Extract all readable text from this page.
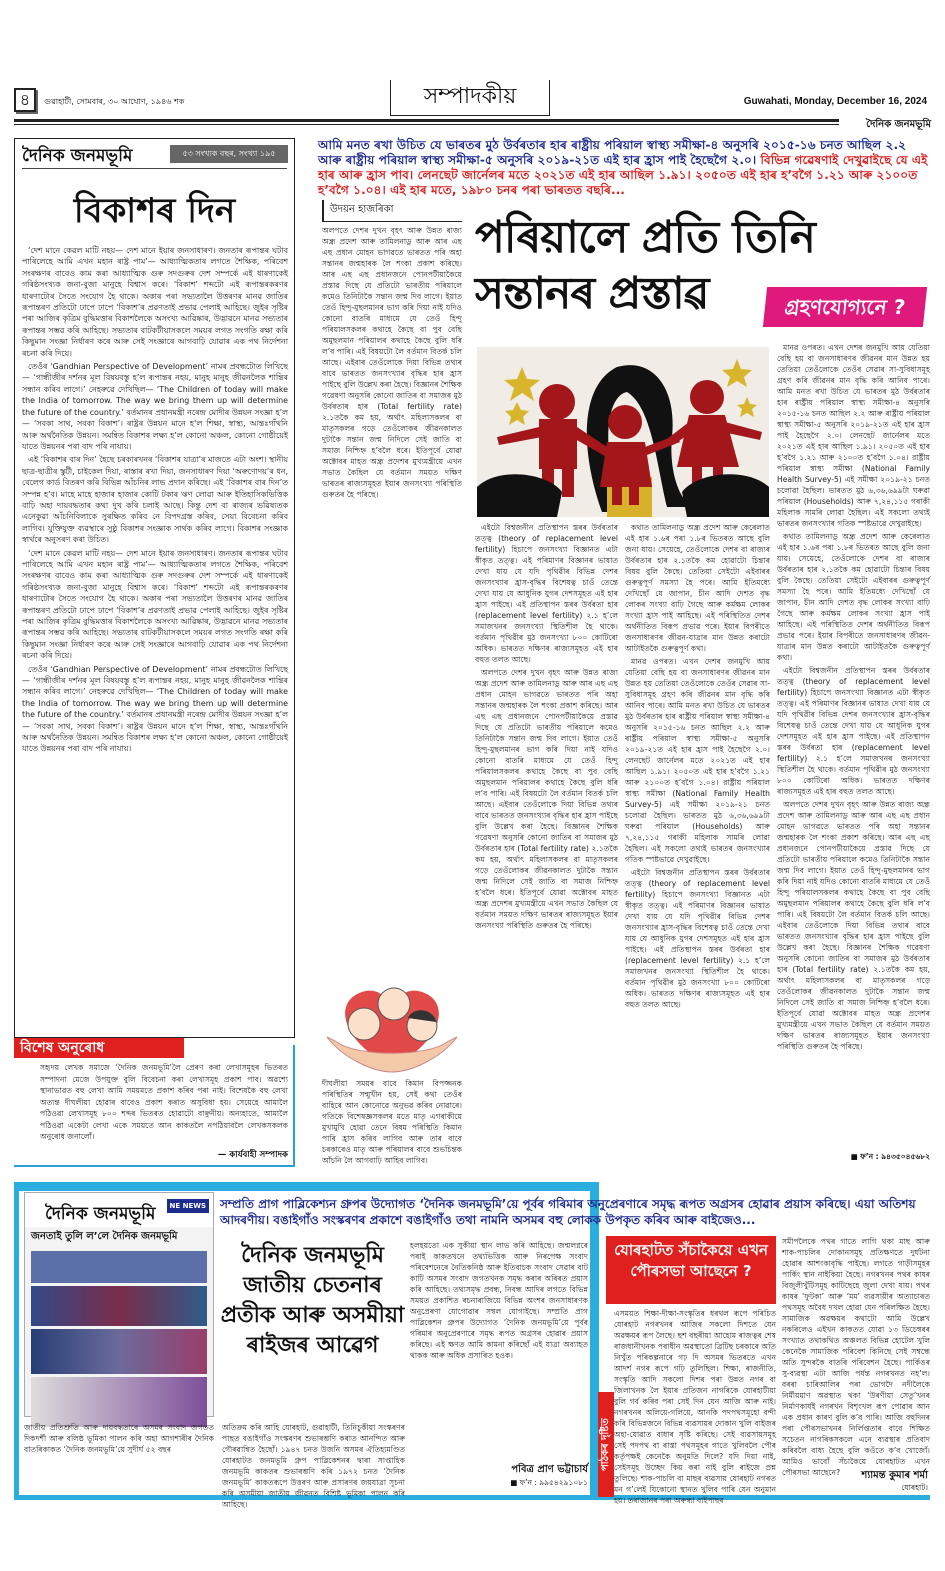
৪	গুৱাহাটী, সোমবাৰ, ৩০ আঘোণ, ১৯৪৬ শক	সম্পাদকীয়	Guwahati, Monday, December 16, 2024
দৈনিক জনমভূমি
দৈনিক জনমভূমি	৫৩ সংখ্যক বছৰ, সংখ্যা ১৯৫
বিকাশৰ দিন

‘দেশ মানে কেৱল মাটি নহয়— দেশ মানে ইয়াৰ জনসাধাৰণ। জনতাৰ ৰূপান্তৰ ঘটাব পাৰিলেহে আমি এখন মহান ৰাষ্ট্ৰ পাম’— আধ্যাত্মিকতাৰ লগতে শৈক্ষিক, পৰিবেশ সংৰক্ষণৰ বাবেও কাম কৰা আধ্যাত্মিক গুৰু সদগুৰুৰ দেশ সম্পৰ্কে এই ধাৰণাকেই গৰিষ্ঠসংখ্যক জনা-বুজা মানুহে বিশ্বাস কৰে। ‘বিকাশ’ শব্দটো এই ৰূপান্তৰকৰণৰ ধাৰণাটোৰ সৈতে সংযোগ হৈ থাকে। অকাৰ পৰা সভ্যতালৈ উত্তৰণৰ মানৱ জাতিৰ ৰূপান্তৰণ প্ৰতিটো ঢাপে ঢাপে ‘বিকাশ’ৰ প্ৰৱণতাই প্ৰভাৱ পেলাই আহিছে। জুইৰ সৃষ্টিৰ পৰা আজিৰ কৃত্ৰিম বুদ্ধিমত্তাৰ বিকাশলৈকে অসংখ্য আৱিষ্কাৰ, উদ্ভাৱনে মানৱ সভ্যতাৰ ৰূপান্তৰ সম্ভৱ কৰি আহিছে। সভ্যতাৰ বাটকটীয়াসকলে সময়ৰ লগত সংগতি ৰক্ষা কৰি কিছুমান সংজ্ঞা নিৰ্ধাৰণ কৰে আৰু সেই সংজ্ঞাৰে আগবাঢ়ি যোৱাৰ এক পথ নিৰ্দেশনা ৰচনা কৰি দিয়ে।

তেওঁৰ ‘Gandhian Perspective of Development’ নামৰ প্ৰবন্ধটোত লিখিছে— ‘গান্ধীজীৰ দৰ্শনৰ মূল বিষয়বস্তু হ’ল ৰূপান্তৰ নহয়, মানুহ মানুহ জীৱনলৈক শান্তিৰ সন্ধান কৰিব লাগে।’ নেহৰুৱে দেখিছিল— ‘The Children of today will make the India of tomorrow. The way we bring them up will determine the future of the country.’ বৰ্তমানৰ প্ৰধানমন্ত্ৰী নৰেন্দ্ৰ মোদীৰ উন্নয়ন সংজ্ঞা হ’ল— ‘সবকা সাথ, সবকা বিকাশ’। ৰাষ্ট্ৰৰ উন্নয়ন মানে হ’ল শিক্ষা, স্বাস্থ্য, আন্তঃগাঁথনি আৰু অৰ্থনৈতিক উন্নয়ন। সমন্বিত বিকাশৰ লক্ষ্য হ’ল কোনো অঞ্চল, কোনো গোষ্ঠীয়েই যাতে উন্নয়নৰ পৰা বাদ পৰি নাযায়।

এই ‘বিকাশৰ বাৰ দিন’ হৈছে চৰকাৰখনৰ ‘বিকাশৰ যাত্ৰা’ৰ মাজতে এটা অংশ। স্থানীয় ছাত্ৰ-ছাত্ৰীৰ স্কুটী, চাইকেল দিয়া, ৰাস্তাৰ ৰখা দিয়া, জনসাধাৰণ দিয়া ‘অৰুণোদয়’ৰ ধন, বেলেগ কাৰ্ড বিতৰণ কৰি বিভিন্ন আঁচনিৰ লাভ প্ৰদান কৰিছে। এই ‘বিকাশৰ বাৰ দিন’ত সম্পন্ন হ’ব। মাহে মাহে হাজাৰ হাজাৰ কোটি টকাৰ ঋণ লোৱা আৰু ইতিহাসিকভিত্তিক বাঢ়ি অহা দায়বদ্ধতাৰ কথা দুখ কৰি চলাই আছে। কিন্তু দেশ বা ৰাজ্যৰ ভৱিষ্যতক এনেকুৱা আঁচনিবিলাকে সুৰক্ষিত কৰিব নে বিপদগ্ৰস্ত কৰিব, সেয়া বিবেচনা কৰিব লাগিব। যুক্তিযুক্ত ব্যৱস্থাৰে সুষ্ঠু বিকাশৰ সংজ্ঞাক সাৰ্থক কৰিব লাগে। বিকাশৰ সংজ্ঞাক স্বাৰ্থৰে অনুসৰণ কৰা উচিত।

‘দেশ মানে কেৱল মাটি নহয়— দেশ মানে ইয়াৰ জনসাধাৰণ। জনতাৰ ৰূপান্তৰ ঘটাব পাৰিলেহে আমি এখন মহান ৰাষ্ট্ৰ পাম’— আধ্যাত্মিকতাৰ লগতে শৈক্ষিক, পৰিবেশ সংৰক্ষণৰ বাবেও কাম কৰা আধ্যাত্মিক গুৰু সদগুৰুৰ দেশ সম্পৰ্কে এই ধাৰণাকেই গৰিষ্ঠসংখ্যক জনা-বুজা মানুহে বিশ্বাস কৰে। ‘বিকাশ’ শব্দটো এই ৰূপান্তৰকৰণৰ ধাৰণাটোৰ সৈতে সংযোগ হৈ থাকে। অকাৰ পৰা সভ্যতালৈ উত্তৰণৰ মানৱ জাতিৰ ৰূপান্তৰণ প্ৰতিটো ঢাপে ঢাপে ‘বিকাশ’ৰ প্ৰৱণতাই প্ৰভাৱ পেলাই আহিছে। জুইৰ সৃষ্টিৰ পৰা আজিৰ কৃত্ৰিম বুদ্ধিমত্তাৰ বিকাশলৈকে অসংখ্য আৱিষ্কাৰ, উদ্ভাৱনে মানৱ সভ্যতাৰ ৰূপান্তৰ সম্ভৱ কৰি আহিছে। সভ্যতাৰ বাটকটীয়াসকলে সময়ৰ লগত সংগতি ৰক্ষা কৰি কিছুমান সংজ্ঞা নিৰ্ধাৰণ কৰে আৰু সেই সংজ্ঞাৰে আগবাঢ়ি যোৱাৰ এক পথ নিৰ্দেশনা ৰচনা কৰি দিয়ে।

তেওঁৰ ‘Gandhian Perspective of Development’ নামৰ প্ৰবন্ধটোত লিখিছে— ‘গান্ধীজীৰ দৰ্শনৰ মূল বিষয়বস্তু হ’ল ৰূপান্তৰ নহয়, মানুহ মানুহ জীৱনলৈক শান্তিৰ সন্ধান কৰিব লাগে।’ নেহৰুৱে দেখিছিল— ‘The Children of today will make the India of tomorrow. The way we bring them up will determine the future of the country.’ বৰ্তমানৰ প্ৰধানমন্ত্ৰী নৰেন্দ্ৰ মোদীৰ উন্নয়ন সংজ্ঞা হ’ল— ‘সবকা সাথ, সবকা বিকাশ’। ৰাষ্ট্ৰৰ উন্নয়ন মানে হ’ল শিক্ষা, স্বাস্থ্য, আন্তঃগাঁথনি আৰু অৰ্থনৈতিক উন্নয়ন। সমন্বিত বিকাশৰ লক্ষ্য হ’ল কোনো অঞ্চল, কোনো গোষ্ঠীয়েই যাতে উন্নয়নৰ পৰা বাদ পৰি নাযায়।

বিশেষ অনুৰোধ
সহৃদয় লেখক সমাজে ‘দৈনিক জনমভূমি’লৈ প্ৰেৰণ কৰা লেখাসমূহৰ ভিতৰত সম্পাদনা মেজে উপযুক্ত বুলি বিবেচনা কৰা লেখাসমূহ প্ৰকাশ পাব। অৱশ্যে স্থানাভাৱত বহু লেখা আমি সময়মতে প্ৰকাশ কৰিব পৰা নাই। বিশেষকৈ বহু লেখা অত্যন্ত দীঘলীয়া হোৱাৰ বাবেও প্ৰকাশ কৰাত অসুবিধা হয়। সেয়েহে আমালৈ পঠিওৱা লেখাসমূহ ৮০০ শব্দৰ ভিতৰত হোৱাটো বাঞ্ছনীয়। অন্যহাতে, আমালৈ পঠিওৱা একেটা লেখা একে সময়তে আন কাকতলৈ নপঠিয়াবলৈ লেখকসকলক অনুৰোধ জনালোঁ।
— কাৰ্যবাহী সম্পাদক
আমি মনত ৰখা উচিত যে ভাৰতৰ মুঠ উৰ্বৰতাৰ হাৰ ৰাষ্ট্ৰীয় পৰিয়াল স্বাস্থ্য সমীক্ষা-৪ অনুসৰি ২০১৫-১৬ চনত আছিল ২.২ আৰু ৰাষ্ট্ৰীয় পৰিয়াল স্বাস্থ্য সমীক্ষা-৫ অনুসৰি ২০১৯-২১ত এই হাৰ হ্ৰাস পাই হৈছেগৈ ২.০। বিভিন্ন গৱেষণাই দেখুৱাইছে যে এই হাৰ আৰু হ্ৰাস পাব। লেনছেট জাৰ্নেলৰ মতে ২০২১ত এই হাৰ আছিল ১.৯১। ২০৫০ত এই হাৰ হ’বগৈ ১.২১ আৰু ২১০০ত হ’বগৈ ১.০৪। এই হাৰ মতে, ১৯৮০ চনৰ পৰা ভাৰতত বছৰি...
উদয়ন হাজৰিকা
পৰিয়ালে প্ৰতি তিনি
সন্তানৰ প্ৰস্তাৱ	গ্ৰহণযোগ্যনে ?
অলপতে দেশৰ দুখন বৃহৎ আৰু উন্নত ৰাজ্য অন্ধ্ৰ প্ৰদেশ আৰু তামিলনাডু আৰু আৰ এছ এছ প্ৰধান মোহন ভাগৱতে ভাৰতত পৰি অহা সন্তানৰ জন্মহাৰক লৈ শংকা প্ৰকাশ কৰিছে। আৰ এছ এছ প্ৰধানজনে পোনপটীয়াকৈয়ে প্ৰস্তাৱ দিছে যে প্ৰতিটো ভাৰতীয় পৰিয়ালে কমেও তিনিটাকৈ সন্তান জন্ম দিব লাগে। ইয়াত তেওঁ হিন্দু-মুছলমানৰ ভাগ কৰি দিয়া নাই যদিও কোনো বাতৰি মাধ্যমে যে তেওঁ হিন্দু পৰিয়ালসকলৰ কথাহে কৈছে বা পুব বেছি অমুছলমান পৰিয়ালৰ কথাহে কৈছে বুলি ধৰি ল’ব পাৰি। এই বিষয়টো লৈ বৰ্তমান বিতৰ্ক চলি আছে। এইবাৰ তেওঁলোকে দিয়া বিভিন্ন তথ্যৰ বাবে ভাৰতত জনসংখ্যাৰ বৃদ্ধিৰ হাৰ হ্ৰাস পাইছে বুলি উল্লেখ কৰা হৈছে। বিজ্ঞানৰ শৈক্ষিক গৱেষণা অনুসৰি কোনো জাতিৰ বা সমাজৰ মুঠ উৰ্বৰতাৰ হাৰ (Total fertility rate) ২.১তকৈ কম হয়, অৰ্থাৎ মহিলাসকলৰ বা মাতৃসকলৰ গড়ে তেওঁলোকৰ জীৱনকালত দুটাকৈ সন্তান জন্ম নিদিলে সেই জাতি বা সমাজ নিশ্চিহ্ন হ’বলৈ ধৰে। ইতিপূৰ্বে যোৱা অক্টোবৰ মাহত অন্ধ্ৰ প্ৰদেশৰ মুখ্যমন্ত্ৰীয়ে এখন সভাত কৈছিল যে বৰ্তমান সময়ত দক্ষিণ ভাৰতৰ ৰাজ্যসমূহত ইয়াৰ জনসংখ্যা পৰিস্থিতি গুৰুতৰ হৈ পৰিছে।
দীঘলীয়া সময়ৰ বাবে কিমান বিপজ্জনক পৰিস্থিতিৰ সন্মুখীন হয়, সেই কথা তেওঁৰ বাহিৰে আন কোনোৱে অনুভৱ কৰিব নোৱাৰে। গতিকে বিশেষজ্ঞসকলৰ মতে মাতৃ এগৰাকীয়ে মুখামুখি হোৱা তেনে বিষম পৰিস্থিতি কিমান পাৰি হ্ৰাস কৰিব লাগিব আৰু তাৰ বাবে চৰকাৰেও মাতৃ আৰু পৰিয়ালৰ বাবে শুভচিন্তক আঁচনি লৈ আগবাঢ়ি আহিব লাগিব।

এইটো বিশ্বজনীন প্ৰতিস্থাপন স্তৰৰ উৰ্বৰতাৰ তত্ত্ব (theory of replacement level fertility) হিচাপে জনসংখ্যা বিজ্ঞানত এটা স্বীকৃত তত্ত্ব। এই পৰিমাণৰ বিজ্ঞানৰ ভাষাত দেখা যায় যে যদি পৃথিৱীৰ বিভিন্ন দেশৰ জনসংখ্যাৰ হ্ৰাস-বৃদ্ধিৰ বিশেষত্ব চাওঁ তেন্তে দেখা যায় যে আধুনিক যুগৰ দেশসমূহত এই হাৰ হ্ৰাস পাইছে। এই প্ৰতিস্থাপন স্তৰৰ উৰ্বৰতা হাৰ (replacement level fertility) ২.১ হ’লে সমাজখনৰ জনসংখ্যা স্থিতিশীল হৈ থাকে। বৰ্তমান পৃথিৱীৰ মুঠ জনসংখ্যা ৮০০ কোটিৰো অধিক। ভাৰতত দক্ষিণৰ ৰাজ্যসমূহত এই হাৰ বহুত তলত আছে।

অলপতে দেশৰ দুখন বৃহৎ আৰু উন্নত ৰাজ্য অন্ধ্ৰ প্ৰদেশ আৰু তামিলনাডু আৰু আৰ এছ এছ প্ৰধান মোহন ভাগৱতে ভাৰতত পৰি অহা সন্তানৰ জন্মহাৰক লৈ শংকা প্ৰকাশ কৰিছে। আৰ এছ এছ প্ৰধানজনে পোনপটীয়াকৈয়ে প্ৰস্তাৱ দিছে যে প্ৰতিটো ভাৰতীয় পৰিয়ালে কমেও তিনিটাকৈ সন্তান জন্ম দিব লাগে। ইয়াত তেওঁ হিন্দু-মুছলমানৰ ভাগ কৰি দিয়া নাই যদিও কোনো বাতৰি মাধ্যমে যে তেওঁ হিন্দু পৰিয়ালসকলৰ কথাহে কৈছে বা পুব বেছি অমুছলমান পৰিয়ালৰ কথাহে কৈছে বুলি ধৰি ল’ব পাৰি। এই বিষয়টো লৈ বৰ্তমান বিতৰ্ক চলি আছে। এইবাৰ তেওঁলোকে দিয়া বিভিন্ন তথ্যৰ বাবে ভাৰতত জনসংখ্যাৰ বৃদ্ধিৰ হাৰ হ্ৰাস পাইছে বুলি উল্লেখ কৰা হৈছে। বিজ্ঞানৰ শৈক্ষিক গৱেষণা অনুসৰি কোনো জাতিৰ বা সমাজৰ মুঠ উৰ্বৰতাৰ হাৰ (Total fertility rate) ২.১তকৈ কম হয়, অৰ্থাৎ মহিলাসকলৰ বা মাতৃসকলৰ গড়ে তেওঁলোকৰ জীৱনকালত দুটাকৈ সন্তান জন্ম নিদিলে সেই জাতি বা সমাজ নিশ্চিহ্ন হ’বলৈ ধৰে। ইতিপূৰ্বে যোৱা অক্টোবৰ মাহত অন্ধ্ৰ প্ৰদেশৰ মুখ্যমন্ত্ৰীয়ে এখন সভাত কৈছিল যে বৰ্তমান সময়ত দক্ষিণ ভাৰতৰ ৰাজ্যসমূহত ইয়াৰ জনসংখ্যা পৰিস্থিতি গুৰুতৰ হৈ পৰিছে।

কথাত তামিলনাডু অন্ধ্ৰ প্ৰদেশ আৰু কেৰেলাত এই হাৰ ১.৬ৰ পৰা ১.৮ৰ ভিতৰত আছে বুলি জনা যায়। সেয়েহে, তেওঁলোকে দেশৰ বা ৰাজ্যৰ উৰ্বৰতাৰ হাৰ ২.১তকৈ কম হোৱাটো চিন্তাৰ বিষয় বুলি কৈছে। তেতিয়া সেইটো এইবাৰৰ গুৰুত্বপূৰ্ণ সমস্যা হৈ পৰে। আমি ইতিমধ্যে দেখিছোঁ যে জাপান, চীন আদি দেশত বৃদ্ধ লোকৰ সংখ্যা বাঢ়ি গৈছে আৰু কৰ্মক্ষম লোকৰ সংখ্যা হ্ৰাস পাই আহিছে। এই পৰিস্থিতিত দেশৰ অৰ্থনীতিত বিৰূপ প্ৰভাৱ পৰে। ইয়াৰ বিপৰীতে জনসাধাৰণৰ জীৱন-যাত্ৰাৰ মান উন্নত কৰাটো আটাইতকৈ গুৰুত্বপূৰ্ণ কথা।

মানৱ ওপৰত। এখন দেশৰ জনমুখি আয় যেতিয়া বেছি হয় বা জনসাধাৰণৰ জীৱনৰ মান উন্নত হয় তেতিয়া তেওঁলোকে তেওঁৰ সেৱাৰ সা-সুবিধাসমূহ গ্ৰহণ কৰি জীৱনৰ মান বৃদ্ধি কৰি আনিব পাৰে। আমি মনত ৰখা উচিত যে ভাৰতৰ মুঠ উৰ্বৰতাৰ হাৰ ৰাষ্ট্ৰীয় পৰিয়াল স্বাস্থ্য সমীক্ষা-৪ অনুসৰি ২০১৫-১৬ চনত আছিল ২.২ আৰু ৰাষ্ট্ৰীয় পৰিয়াল স্বাস্থ্য সমীক্ষা-৫ অনুসৰি ২০১৯-২১ত এই হাৰ হ্ৰাস পাই হৈছেগৈ ২.০। লেনছেট জাৰ্নেলৰ মতে ২০২১ত এই হাৰ আছিল ১.৯১। ২০৫০ত এই হাৰ হ’বগৈ ১.২১ আৰু ২১০০ত হ’বগৈ ১.০৪। রাষ্ট্ৰীয় পৰিয়াল স্বাস্থ্য সমীক্ষা (National Family Health Survey-5) এই সমীক্ষা ২০১৯-২১ চনত চলোৱা হৈছিল। ভাৰতত মুঠ ৬,৩৬,৬৯৯টা ঘৰুৱা পৰিয়াল (Households) আৰু ৭,২৪,১১৫ গৰাকী মহিলাক সামৰি লোৱা হৈছিল। এই সকলো তথ্যই ভাৰতৰ জনসংখ্যাৰ গতিক স্পষ্টভাৱে দেখুৱাইছে।

এইটো বিশ্বজনীন প্ৰতিস্থাপন স্তৰৰ উৰ্বৰতাৰ তত্ত্ব (theory of replacement level fertility) হিচাপে জনসংখ্যা বিজ্ঞানত এটা স্বীকৃত তত্ত্ব। এই পৰিমাণৰ বিজ্ঞানৰ ভাষাত দেখা যায় যে যদি পৃথিৱীৰ বিভিন্ন দেশৰ জনসংখ্যাৰ হ্ৰাস-বৃদ্ধিৰ বিশেষত্ব চাওঁ তেন্তে দেখা যায় যে আধুনিক যুগৰ দেশসমূহত এই হাৰ হ্ৰাস পাইছে। এই প্ৰতিস্থাপন স্তৰৰ উৰ্বৰতা হাৰ (replacement level fertility) ২.১ হ’লে সমাজখনৰ জনসংখ্যা স্থিতিশীল হৈ থাকে। বৰ্তমান পৃথিৱীৰ মুঠ জনসংখ্যা ৮০০ কোটিৰো অধিক। ভাৰতত দক্ষিণৰ ৰাজ্যসমূহত এই হাৰ বহুত তলত আছে।

মানৱ ওপৰত। এখন দেশৰ জনমুখি আয় যেতিয়া বেছি হয় বা জনসাধাৰণৰ জীৱনৰ মান উন্নত হয় তেতিয়া তেওঁলোকে তেওঁৰ সেৱাৰ সা-সুবিধাসমূহ গ্ৰহণ কৰি জীৱনৰ মান বৃদ্ধি কৰি আনিব পাৰে। আমি মনত ৰখা উচিত যে ভাৰতৰ মুঠ উৰ্বৰতাৰ হাৰ ৰাষ্ট্ৰীয় পৰিয়াল স্বাস্থ্য সমীক্ষা-৪ অনুসৰি ২০১৫-১৬ চনত আছিল ২.২ আৰু ৰাষ্ট্ৰীয় পৰিয়াল স্বাস্থ্য সমীক্ষা-৫ অনুসৰি ২০১৯-২১ত এই হাৰ হ্ৰাস পাই হৈছেগৈ ২.০। লেনছেট জাৰ্নেলৰ মতে ২০২১ত এই হাৰ আছিল ১.৯১। ২০৫০ত এই হাৰ হ’বগৈ ১.২১ আৰু ২১০০ত হ’বগৈ ১.০৪। রাষ্ট্ৰীয় পৰিয়াল স্বাস্থ্য সমীক্ষা (National Family Health Survey-5) এই সমীক্ষা ২০১৯-২১ চনত চলোৱা হৈছিল। ভাৰতত মুঠ ৬,৩৬,৬৯৯টা ঘৰুৱা পৰিয়াল (Households) আৰু ৭,২৪,১১৫ গৰাকী মহিলাক সামৰি লোৱা হৈছিল। এই সকলো তথ্যই ভাৰতৰ জনসংখ্যাৰ গতিক স্পষ্টভাৱে দেখুৱাইছে।

কথাত তামিলনাডু অন্ধ্ৰ প্ৰদেশ আৰু কেৰেলাত এই হাৰ ১.৬ৰ পৰা ১.৮ৰ ভিতৰত আছে বুলি জনা যায়। সেয়েহে, তেওঁলোকে দেশৰ বা ৰাজ্যৰ উৰ্বৰতাৰ হাৰ ২.১তকৈ কম হোৱাটো চিন্তাৰ বিষয় বুলি কৈছে। তেতিয়া সেইটো এইবাৰৰ গুৰুত্বপূৰ্ণ সমস্যা হৈ পৰে। আমি ইতিমধ্যে দেখিছোঁ যে জাপান, চীন আদি দেশত বৃদ্ধ লোকৰ সংখ্যা বাঢ়ি গৈছে আৰু কৰ্মক্ষম লোকৰ সংখ্যা হ্ৰাস পাই আহিছে। এই পৰিস্থিতিত দেশৰ অৰ্থনীতিত বিৰূপ প্ৰভাৱ পৰে। ইয়াৰ বিপৰীতে জনসাধাৰণৰ জীৱন-যাত্ৰাৰ মান উন্নত কৰাটো আটাইতকৈ গুৰুত্বপূৰ্ণ কথা।

এইটো বিশ্বজনীন প্ৰতিস্থাপন স্তৰৰ উৰ্বৰতাৰ তত্ত্ব (theory of replacement level fertility) হিচাপে জনসংখ্যা বিজ্ঞানত এটা স্বীকৃত তত্ত্ব। এই পৰিমাণৰ বিজ্ঞানৰ ভাষাত দেখা যায় যে যদি পৃথিৱীৰ বিভিন্ন দেশৰ জনসংখ্যাৰ হ্ৰাস-বৃদ্ধিৰ বিশেষত্ব চাওঁ তেন্তে দেখা যায় যে আধুনিক যুগৰ দেশসমূহত এই হাৰ হ্ৰাস পাইছে। এই প্ৰতিস্থাপন স্তৰৰ উৰ্বৰতা হাৰ (replacement level fertility) ২.১ হ’লে সমাজখনৰ জনসংখ্যা স্থিতিশীল হৈ থাকে। বৰ্তমান পৃথিৱীৰ মুঠ জনসংখ্যা ৮০০ কোটিৰো অধিক। ভাৰতত দক্ষিণৰ ৰাজ্যসমূহত এই হাৰ বহুত তলত আছে।

অলপতে দেশৰ দুখন বৃহৎ আৰু উন্নত ৰাজ্য অন্ধ্ৰ প্ৰদেশ আৰু তামিলনাডু আৰু আৰ এছ এছ প্ৰধান মোহন ভাগৱতে ভাৰতত পৰি অহা সন্তানৰ জন্মহাৰক লৈ শংকা প্ৰকাশ কৰিছে। আৰ এছ এছ প্ৰধানজনে পোনপটীয়াকৈয়ে প্ৰস্তাৱ দিছে যে প্ৰতিটো ভাৰতীয় পৰিয়ালে কমেও তিনিটাকৈ সন্তান জন্ম দিব লাগে। ইয়াত তেওঁ হিন্দু-মুছলমানৰ ভাগ কৰি দিয়া নাই যদিও কোনো বাতৰি মাধ্যমে যে তেওঁ হিন্দু পৰিয়ালসকলৰ কথাহে কৈছে বা পুব বেছি অমুছলমান পৰিয়ালৰ কথাহে কৈছে বুলি ধৰি ল’ব পাৰি। এই বিষয়টো লৈ বৰ্তমান বিতৰ্ক চলি আছে। এইবাৰ তেওঁলোকে দিয়া বিভিন্ন তথ্যৰ বাবে ভাৰতত জনসংখ্যাৰ বৃদ্ধিৰ হাৰ হ্ৰাস পাইছে বুলি উল্লেখ কৰা হৈছে। বিজ্ঞানৰ শৈক্ষিক গৱেষণা অনুসৰি কোনো জাতিৰ বা সমাজৰ মুঠ উৰ্বৰতাৰ হাৰ (Total fertility rate) ২.১তকৈ কম হয়, অৰ্থাৎ মহিলাসকলৰ বা মাতৃসকলৰ গড়ে তেওঁলোকৰ জীৱনকালত দুটাকৈ সন্তান জন্ম নিদিলে সেই জাতি বা সমাজ নিশ্চিহ্ন হ’বলৈ ধৰে। ইতিপূৰ্বে যোৱা অক্টোবৰ মাহত অন্ধ্ৰ প্ৰদেশৰ মুখ্যমন্ত্ৰীয়ে এখন সভাত কৈছিল যে বৰ্তমান সময়ত দক্ষিণ ভাৰতৰ ৰাজ্যসমূহত ইয়াৰ জনসংখ্যা পৰিস্থিতি গুৰুতৰ হৈ পৰিছে।

■ ফ’ন : ৯৪৩৫০৪৫৬৮২
দৈনিক জনমভূমি	NE NEWS
জনতাই তুলি ল’লে দৈনিক জনমভূমি
সম্প্ৰতি প্ৰাগ পাব্লিকেশ্যন গ্ৰুপৰ উদ্যোগত ‘দৈনিক জনমভূমি’য়ে পূৰ্বৰ গৰিমাৰ অনুপ্ৰেৰণাৰে সমৃদ্ধ ৰূপত অগ্ৰসৰ হোৱাৰ প্ৰয়াস কৰিছে। এয়া অতিশয় আদৰণীয়। বঙাইগাঁও সংস্কৰণৰ প্ৰকাশে বঙাইগাঁও তথা নামনি অসমৰ বহু লোকক উপকৃত কৰিব আৰু বাইজেও...
দৈনিক জনমভূমি জাতীয় চেতনাৰ প্ৰতীক আৰু অসমীয়া ৰাইজৰ আৱেগ
জাতীয় প্ৰতিশ্ৰুতি আৰু দায়বদ্ধতাৰে অসমৰ সংবাদ জগতত দিকদৰ্শী আৰু বলিষ্ঠ ভূমিকা পালন কৰি অহা আগশাৰীৰ দৈনিক বাতৰিকাকত ‘দৈনিক জনমভূমি’য়ে সুদীৰ্ঘ ৫২ বছৰ
অতিক্ৰম কৰি আহি যোৰহাট, গুৱাহাটী, তিনিচুকীয়া সংস্কৰণৰ পাছত বঙাইগাঁও সংস্কৰণৰ শুভাৰম্ভণি কৰাত আনন্দিত আৰু গৌৰৱান্বিত হৈছোঁ। ১৯৪৭ চনত উজনি অসমৰ ঐতিহ্যমণ্ডিত যোৰহাটত জনমভূমি গ্ৰুপ পাব্লিকেশনৰ দ্বাৰা সাপ্তাহিক জনমভূমি কাকতৰ শুভাৰম্ভণি কৰি ১৯৭২ চনত ‘দৈনিক জনমভূমি’ কাকতৰূপে উত্তৰণ আৰু প্ৰসাৰণৰ জয়যাত্ৰা সূচনা কৰি অসমীয়া জাতীয় জীৱনত বিশিষ্ট ভূমিকা পালন কৰি আহিছে।
হলহয়তো এক সুকীয়া স্থান লাভ কৰি আহিছে। জন্মলগ্নৰে পৰাই কাকতখনে তথ্যভিত্তিক আৰু নিৰপেক্ষ সংবাদ পৰিবেশনেৰে নৈতিকনিষ্ঠ আৰু ইতিবাচক সংবাদ সেৱাৰ বাট কাটি অসমৰ সংবাদ জগতখনক সমৃদ্ধ কৰাৰ অৰিৰত প্ৰয়াস কৰি আহিছে। তথ্যসমৃদ্ধ প্ৰবন্ধ, নিবন্ধ আদিৰ লগতে বিভিন্ন সময়ত প্ৰকাশিত ৰচনাৰাজিয়ে বিভিন্ন অংশৰ জনসাধাৰণক অনুপ্ৰেৰণা যোগোৱাৰ সম্বল যোগাইছে। সম্প্ৰতি প্ৰাগ পাব্লিকেশন গ্ৰুপৰ উদ্যোগত ‘দৈনিক জনমভূমি’য়ে পূৰ্বৰ গৰিমাৰ অনুপ্ৰেৰণাৰে সমৃদ্ধ ৰূপত অগ্ৰসৰ হোৱাৰ প্ৰয়াস কৰিছে। এই ক্ষণত আমি কামনা কৰিছোঁ এই যাত্ৰা অব্যাহত থাকক আৰু অধিক প্ৰসাৰিত হওক।
পবিত্ৰ প্ৰাণ ভট্টাচাৰ্য
■ ফ’ন : ৯৯৫৪২৯১০৮১
যোৰহাটত সঁচাকৈয়ে এখন পৌৰসভা আছেনে ?
পাঠকৰ দৃষ্টিত
এসময়ত শিক্ষা-দীক্ষা-সংস্কৃতিৰ ধৰথল ৰূপে পৰিচিত যোৰহাট নগৰখনৰ আজিৰ সকলো দিশতে যেন অৱক্ষয়ৰ ৰূপ লৈছে। ছশ বছৰীয়া আহোম ৰাজত্বৰ শেষ ৰাজধানীখনক পৰাধীন অৱস্থাতো ব্ৰিটিছ চৰকাৰে অতি নিখুঁত পৰিকল্পনাৰে গঢ় দি অসমৰ ভিতৰতে এখন আদৰ্শ নগৰ ৰূপে গঢ়ি তুলিছিল। শিক্ষা, ৰাজনীতি, সংস্কৃতি আদি সকলো দিশৰ পৰা উন্নত নগৰ বা জিলাখনক লৈ ইয়াৰ প্ৰতিজন নাগৰিকে যোৰহাটীয়া বুলি গৰ্ব কৰিব পৰা সেই দিন যেন আজি আৰু নাই। নগৰখনৰ অলিয়ে-গলিয়ে, আনকি পদপথসমূহো বন্দী কৰি বিভিন্নজনে বিভিন্ন ব্যৱসায়ৰ দোকান খুলি বাইজৰ অহা-যোৱাত বাধাৰ সৃষ্টি কৰিছে। সেই ব্যৱসায়সমূহ সেই পদপথ বা ৰাস্তা পথসমূহৰ গাতে খুলিবলৈ পৌৰ কৰ্তৃপক্ষই কেনেকৈ অনুমতি দিলে? যদি দিয়া নাই, সেইসমূহ উচ্ছেদ কিয় কৰা নাই বুলি ৰাইজে প্ৰশ্ন তুলিছে। শাক-পাচলি বা মাছৰ ব্যৱসায় যোৰহাট নগৰত মন গ’লেই যিকোনো স্থানত খুলিব পাৰি যেন অনুমান হয়। তৰাজানৰ পৰা অৰুন্ধা বাইপাছৰ
সমীপলৈকে পথৰ গাতে লাগি থকা মাছ আৰু শাক-পাচলিৰ দোকানসমূহ প্ৰতিক্ষণতে দুৰ্ঘটনা হোৱাৰ আশংকাবৃদ্ধি পাইছে। লগতে গাড়ীসমূহৰ পাৰ্কিং স্থান নাইকিয়া হৈছে। নগৰখনৰ পথৰ কাষৰ বিজুলীখুঁটিসমূহ কাটিছেহে জুলা দেখা যায়। পথৰ কাষৰ ‘ফুটকা’ আৰু ‘মম’ ব্যৱসায়ীৰ অত্যাচাৰত পথসমূহ অবৈধ দখল হোৱা যেন পৰিলক্ষিত হৈছে। সামাজিক অৱক্ষয়ৰ কথাটো আমি উল্লেখ নকৰিলেও এইখন কাকতত যোৱা ১৩ ডিচেম্বৰৰ সংখ্যাত তথাকথিত অঞ্চলত বিভিন্ন হোটেল খুলি কেনেকৈ সামাজিক পৰিবেশ কিনিছে সেই সম্বন্ধে অতি সুন্দৰকৈ বাতৰি পৰিবেশন হৈছে। পাৰ্কিঙৰ সু-ব্যৱস্থা এটা আজি পৰ্যন্ত নগৰখনত নহ’ল। বৰৰা চাৰিআলিৰ পৰা ভোগদৈ নদীলৈকে নিৰ্মীয়মাণ অৱস্থাত থকা ‘উৰণীয়া সেতু’খনৰ নিৰ্মাণকাৰ্যই নগৰখন বিশৃংখল ৰূপ পোৱাৰ আন এক প্ৰধান কাৰণ বুলি ক’ব পাৰি। আজি বহুদিনৰ পৰা পৌৰসভাখনৰ নিৰ্লিপ্ততাৰ বাবে শিক্ষিত সচেতন নাগৰিকসকলে এনে ব্যৱস্থাৰ প্ৰতিবাদ কৰিবলৈ বাধ্য হৈছে বুলি কওঁতে ক’ব খোজোঁ। আমিও ভাবোঁ সঁচাকৈয়ে যোৰহাটত এখন পৌৰসভা আছেনে?	শ্যামন্ত কুমাৰ শৰ্মা
যোৰহাট।
